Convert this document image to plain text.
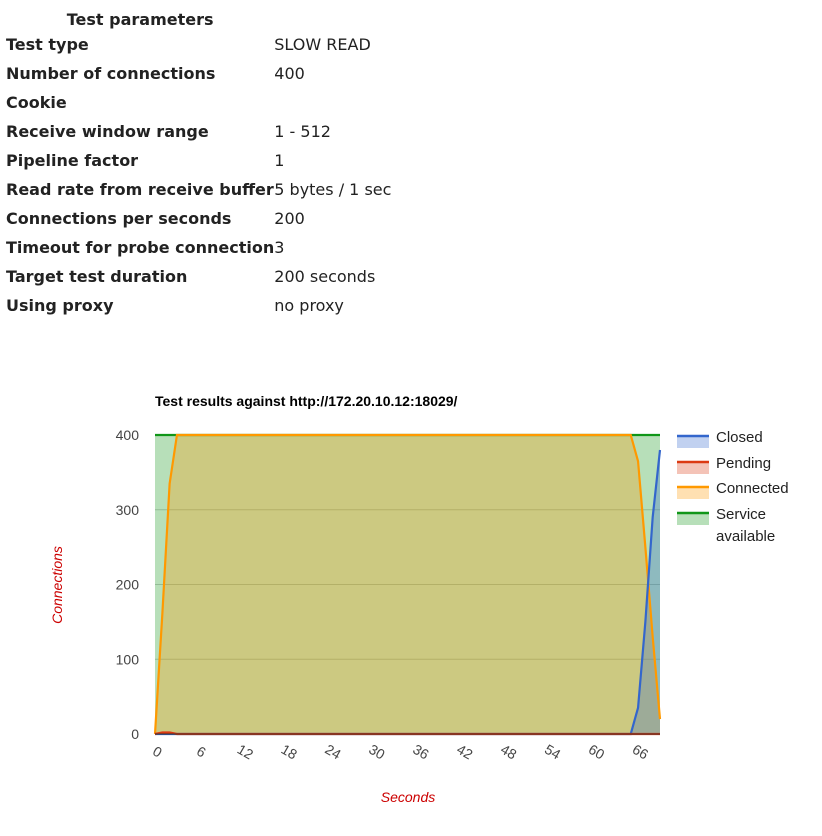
Test parameters	
Test type	SLOW READ
Number of connections	400
Cookie	
Receive window range	1 - 512
Pipeline factor	1
Read rate from receive buffer	5 bytes / 1 sec
Connections per seconds	200
Timeout for probe connection	3
Target test duration	200 seconds
Using proxy	no proxy
Test results against http://172.20.10.12:18029/
0
100
200
300
400
0 6 12 18 24 30 36 42 48 54 60 66
Seconds
Connections
Closed
Pending
Connected
Service available
